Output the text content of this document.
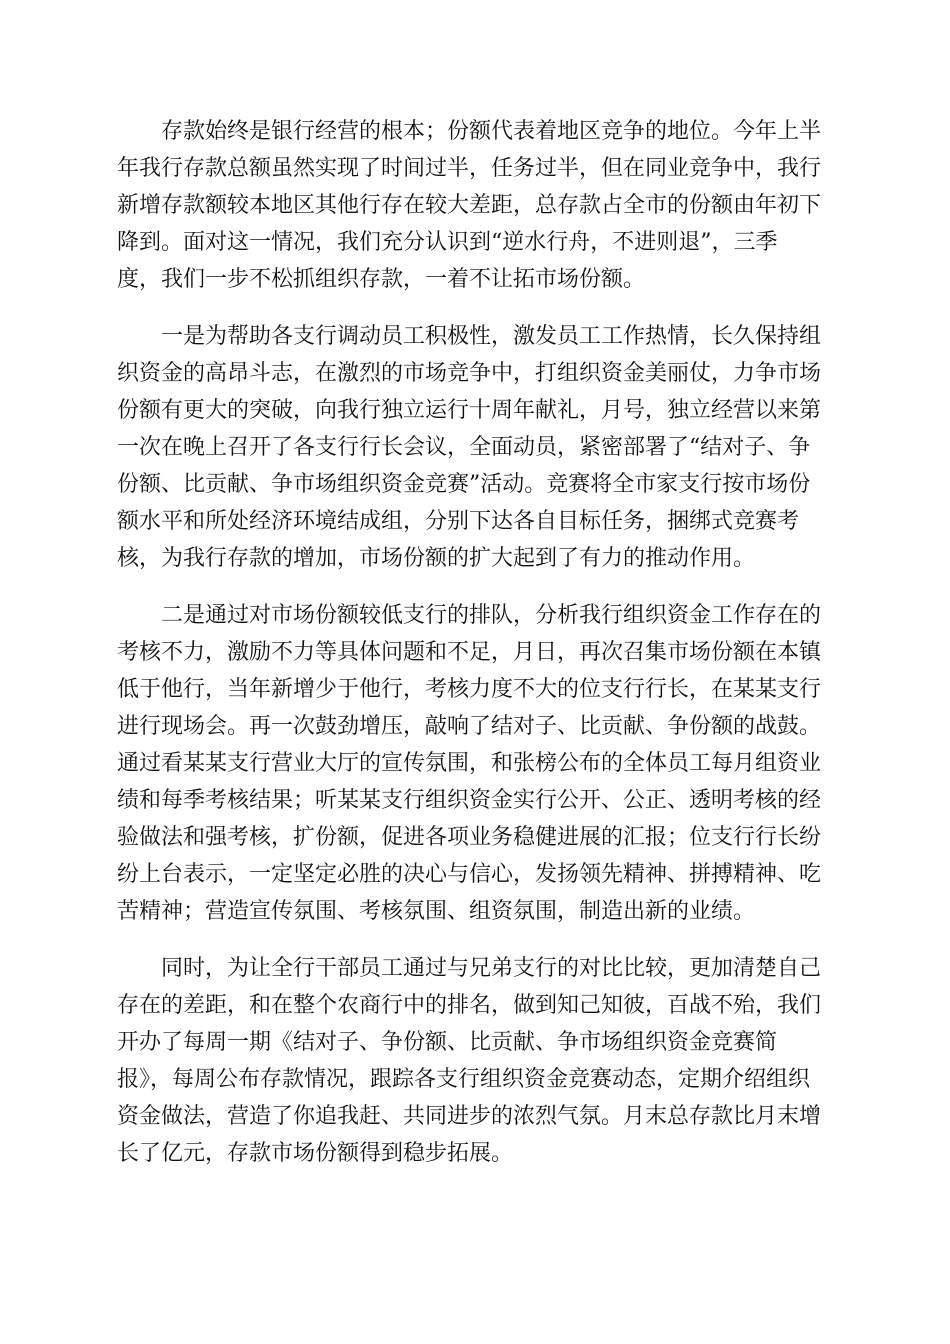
存款始终是银行经营的根本；份额代表着地区竞争的地位。今年上半
年我行存款总额虽然实现了时间过半，任务过半，但在同业竞争中，我行
新增存款额较本地区其他行存在较大差距，总存款占全市的份额由年初下
降到。面对这一情况，我们充分认识到“逆水行舟，不进则退”，三季
度，我们一步不松抓组织存款，一着不让拓市场份额。

一是为帮助各支行调动员工积极性，激发员工工作热情，长久保持组
织资金的高昂斗志，在激烈的市场竞争中，打组织资金美丽仗，力争市场
份额有更大的突破，向我行独立运行十周年献礼，月号，独立经营以来第
一次在晚上召开了各支行行长会议，全面动员，紧密部署了“结对子、争
份额、比贡献、争市场组织资金竞赛”活动。竞赛将全市家支行按市场份
额水平和所处经济环境结成组，分别下达各自目标任务，捆绑式竞赛考
核，为我行存款的增加，市场份额的扩大起到了有力的推动作用。

二是通过对市场份额较低支行的排队，分析我行组织资金工作存在的
考核不力，激励不力等具体问题和不足，月日，再次召集市场份额在本镇
低于他行，当年新增少于他行，考核力度不大的位支行行长，在某某支行
进行现场会。再一次鼓劲增压，敲响了结对子、比贡献、争份额的战鼓。
通过看某某支行营业大厅的宣传氛围，和张榜公布的全体员工每月组资业
绩和每季考核结果；听某某支行组织资金实行公开、公正、透明考核的经
验做法和强考核，扩份额，促进各项业务稳健进展的汇报；位支行行长纷
纷上台表示，一定坚定必胜的决心与信心，发扬领先精神、拼搏精神、吃
苦精神；营造宣传氛围、考核氛围、组资氛围，制造出新的业绩。

同时，为让全行干部员工通过与兄弟支行的对比比较，更加清楚自己
存在的差距，和在整个农商行中的排名，做到知己知彼，百战不殆，我们
开办了每周一期《结对子、争份额、比贡献、争市场组织资金竞赛简
报》，每周公布存款情况，跟踪各支行组织资金竞赛动态，定期介绍组织
资金做法，营造了你追我赶、共同进步的浓烈气氛。月末总存款比月末增
长了亿元，存款市场份额得到稳步拓展。
